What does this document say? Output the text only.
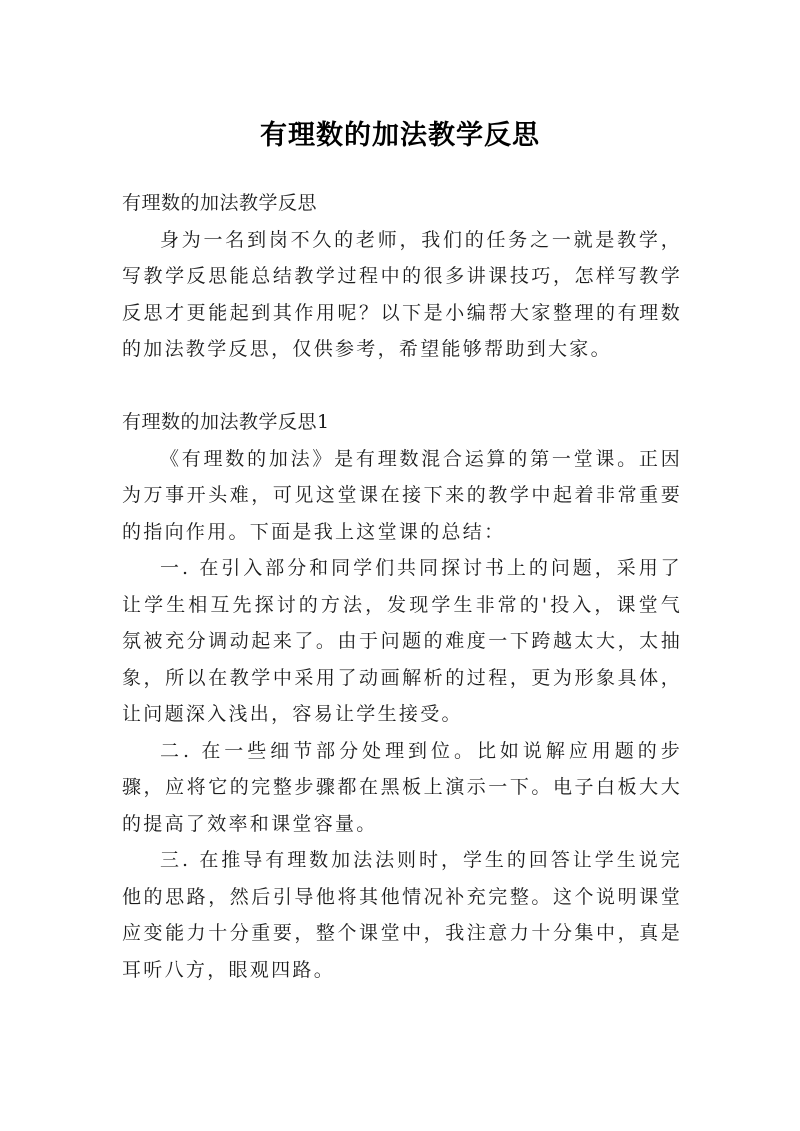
有理数的加法教学反思

有理数的加法教学反思

身为一名到岗不久的老师，我们的任务之一就是教学，写教学反思能总结教学过程中的很多讲课技巧，怎样写教学反思才更能起到其作用呢？以下是小编帮大家整理的有理数的加法教学反思，仅供参考，希望能够帮助到大家。

有理数的加法教学反思1

《有理数的加法》是有理数混合运算的第一堂课。正因为万事开头难，可见这堂课在接下来的教学中起着非常重要的指向作用。下面是我上这堂课的总结：

一. 在引入部分和同学们共同探讨书上的问题，采用了让学生相互先探讨的方法，发现学生非常的'投入，课堂气氛被充分调动起来了。由于问题的难度一下跨越太大，太抽象，所以在教学中采用了动画解析的过程，更为形象具体，让问题深入浅出，容易让学生接受。

二. 在一些细节部分处理到位。比如说解应用题的步骤，应将它的完整步骤都在黑板上演示一下。电子白板大大的提高了效率和课堂容量。

三. 在推导有理数加法法则时，学生的回答让学生说完他的思路，然后引导他将其他情况补充完整。这个说明课堂应变能力十分重要，整个课堂中，我注意力十分集中，真是耳听八方，眼观四路。
